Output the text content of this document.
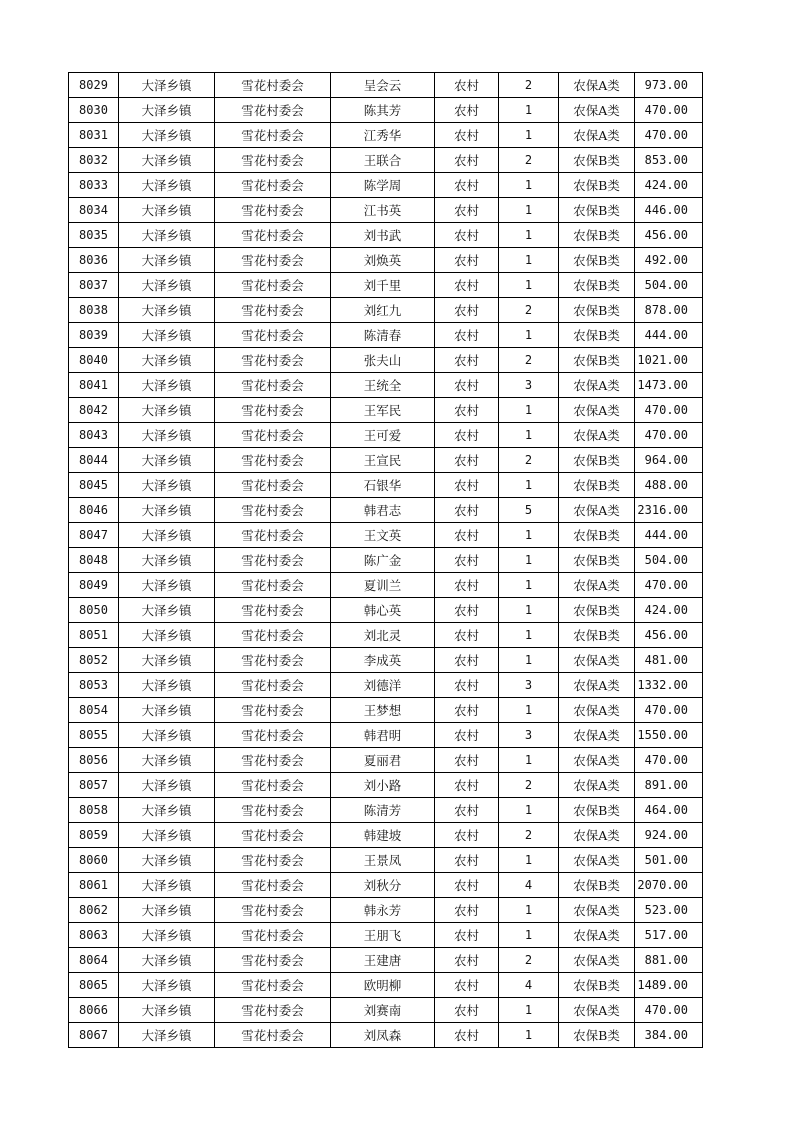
8029	大泽乡镇	雪花村委会	呈会云	农村	2	农保A类	973.00
8030	大泽乡镇	雪花村委会	陈其芳	农村	1	农保A类	470.00
8031	大泽乡镇	雪花村委会	江秀华	农村	1	农保A类	470.00
8032	大泽乡镇	雪花村委会	王联合	农村	2	农保B类	853.00
8033	大泽乡镇	雪花村委会	陈学周	农村	1	农保B类	424.00
8034	大泽乡镇	雪花村委会	江书英	农村	1	农保B类	446.00
8035	大泽乡镇	雪花村委会	刘书武	农村	1	农保B类	456.00
8036	大泽乡镇	雪花村委会	刘焕英	农村	1	农保B类	492.00
8037	大泽乡镇	雪花村委会	刘千里	农村	1	农保B类	504.00
8038	大泽乡镇	雪花村委会	刘红九	农村	2	农保B类	878.00
8039	大泽乡镇	雪花村委会	陈清春	农村	1	农保B类	444.00
8040	大泽乡镇	雪花村委会	张夫山	农村	2	农保B类	1021.00
8041	大泽乡镇	雪花村委会	王统全	农村	3	农保A类	1473.00
8042	大泽乡镇	雪花村委会	王军民	农村	1	农保A类	470.00
8043	大泽乡镇	雪花村委会	王可爱	农村	1	农保A类	470.00
8044	大泽乡镇	雪花村委会	王宣民	农村	2	农保B类	964.00
8045	大泽乡镇	雪花村委会	石银华	农村	1	农保B类	488.00
8046	大泽乡镇	雪花村委会	韩君志	农村	5	农保A类	2316.00
8047	大泽乡镇	雪花村委会	王文英	农村	1	农保B类	444.00
8048	大泽乡镇	雪花村委会	陈广金	农村	1	农保B类	504.00
8049	大泽乡镇	雪花村委会	夏训兰	农村	1	农保A类	470.00
8050	大泽乡镇	雪花村委会	韩心英	农村	1	农保B类	424.00
8051	大泽乡镇	雪花村委会	刘北灵	农村	1	农保B类	456.00
8052	大泽乡镇	雪花村委会	李成英	农村	1	农保A类	481.00
8053	大泽乡镇	雪花村委会	刘德洋	农村	3	农保A类	1332.00
8054	大泽乡镇	雪花村委会	王梦想	农村	1	农保A类	470.00
8055	大泽乡镇	雪花村委会	韩君明	农村	3	农保A类	1550.00
8056	大泽乡镇	雪花村委会	夏丽君	农村	1	农保A类	470.00
8057	大泽乡镇	雪花村委会	刘小路	农村	2	农保A类	891.00
8058	大泽乡镇	雪花村委会	陈清芳	农村	1	农保B类	464.00
8059	大泽乡镇	雪花村委会	韩建坡	农村	2	农保A类	924.00
8060	大泽乡镇	雪花村委会	王景凤	农村	1	农保A类	501.00
8061	大泽乡镇	雪花村委会	刘秋分	农村	4	农保B类	2070.00
8062	大泽乡镇	雪花村委会	韩永芳	农村	1	农保A类	523.00
8063	大泽乡镇	雪花村委会	王朋飞	农村	1	农保A类	517.00
8064	大泽乡镇	雪花村委会	王建唐	农村	2	农保A类	881.00
8065	大泽乡镇	雪花村委会	欧明柳	农村	4	农保B类	1489.00
8066	大泽乡镇	雪花村委会	刘赛南	农村	1	农保A类	470.00
8067	大泽乡镇	雪花村委会	刘凤森	农村	1	农保B类	384.00
